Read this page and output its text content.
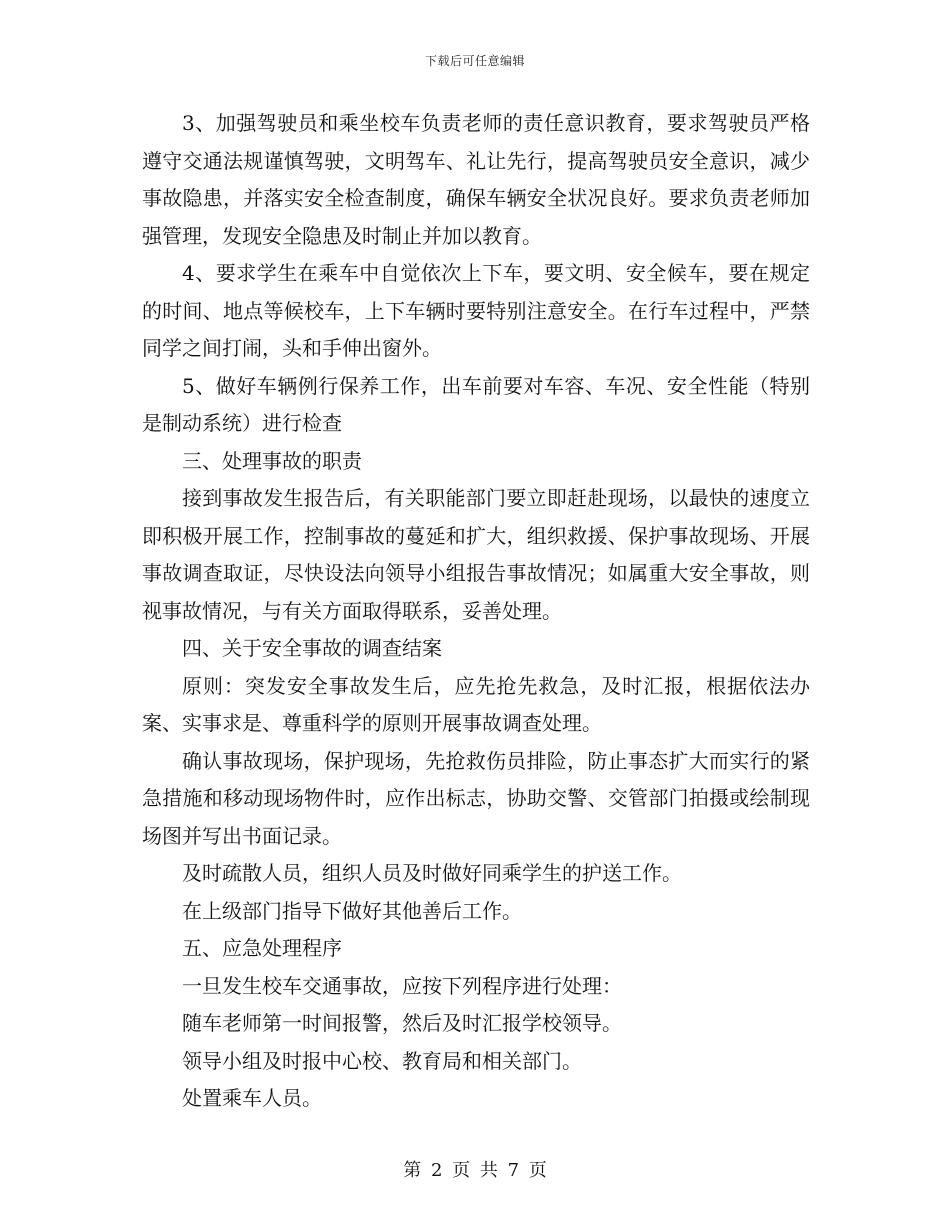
下载后可任意编辑

3、加强驾驶员和乘坐校车负责老师的责任意识教育，要求驾驶员严格遵守交通法规谨慎驾驶，文明驾车、礼让先行，提高驾驶员安全意识，减少事故隐患，并落实安全检查制度，确保车辆安全状况良好。要求负责老师加强管理，发现安全隐患及时制止并加以教育。

4、要求学生在乘车中自觉依次上下车，要文明、安全候车，要在规定的时间、地点等候校车，上下车辆时要特别注意安全。在行车过程中，严禁同学之间打闹，头和手伸出窗外。

5、做好车辆例行保养工作，出车前要对车容、车况、安全性能（特别是制动系统）进行检查

三、处理事故的职责

接到事故发生报告后，有关职能部门要立即赶赴现场，以最快的速度立即积极开展工作，控制事故的蔓延和扩大，组织救援、保护事故现场、开展事故调查取证，尽快设法向领导小组报告事故情况；如属重大安全事故，则视事故情况，与有关方面取得联系，妥善处理。

四、关于安全事故的调查结案

原则：突发安全事故发生后，应先抢先救急，及时汇报，根据依法办案、实事求是、尊重科学的原则开展事故调查处理。

确认事故现场，保护现场，先抢救伤员排险，防止事态扩大而实行的紧急措施和移动现场物件时，应作出标志，协助交警、交管部门拍摄或绘制现场图并写出书面记录。

及时疏散人员，组织人员及时做好同乘学生的护送工作。

在上级部门指导下做好其他善后工作。

五、应急处理程序

一旦发生校车交通事故，应按下列程序进行处理：

随车老师第一时间报警，然后及时汇报学校领导。

领导小组及时报中心校、教育局和相关部门。

处置乘车人员。

第 2 页 共 7 页
